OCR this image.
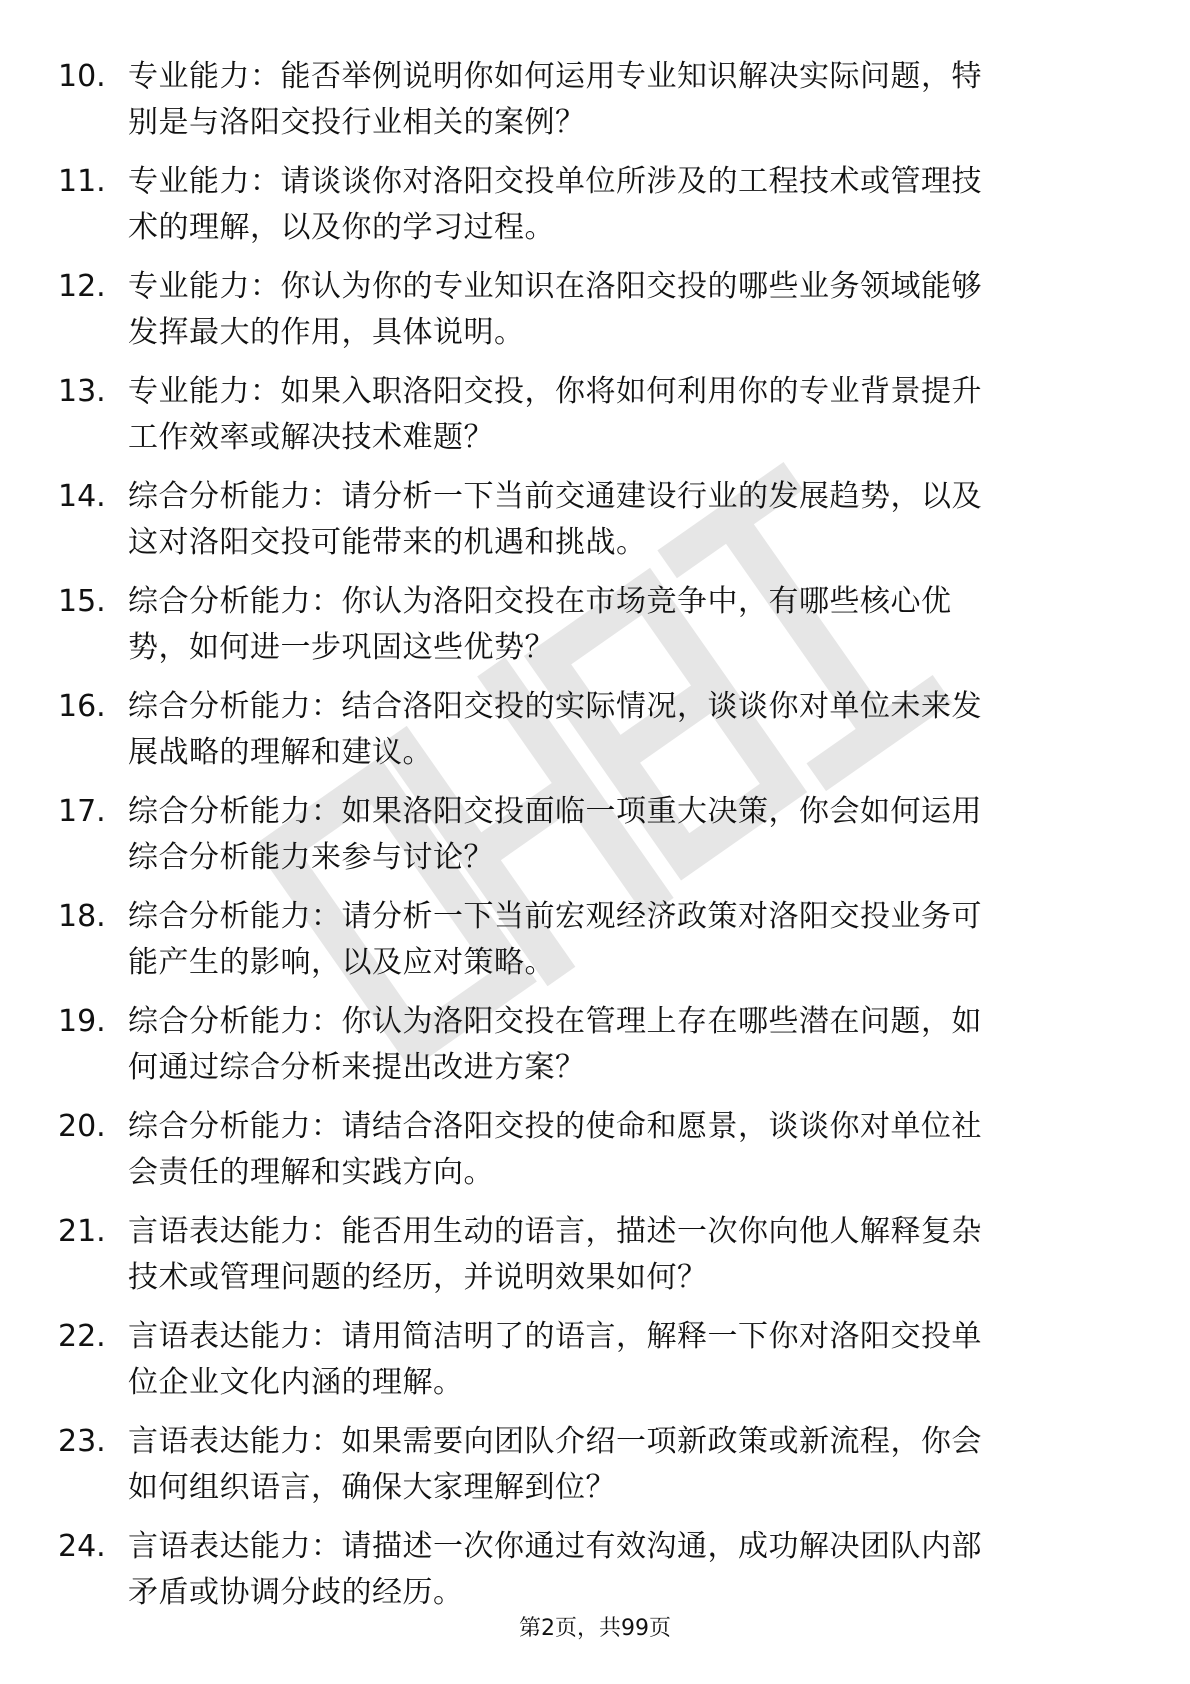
10. 专业能力：能否举例说明你如何运用专业知识解决实际问题，特
别是与洛阳交投行业相关的案例？
11. 专业能力：请谈谈你对洛阳交投单位所涉及的工程技术或管理技
术的理解，以及你的学习过程。
12. 专业能力：你认为你的专业知识在洛阳交投的哪些业务领域能够
发挥最大的作用，具体说明。
13. 专业能力：如果入职洛阳交投，你将如何利用你的专业背景提升
工作效率或解决技术难题？
14. 综合分析能力：请分析一下当前交通建设行业的发展趋势，以及
这对洛阳交投可能带来的机遇和挑战。
15. 综合分析能力：你认为洛阳交投在市场竞争中，有哪些核心优
势，如何进一步巩固这些优势？
16. 综合分析能力：结合洛阳交投的实际情况，谈谈你对单位未来发
展战略的理解和建议。
17. 综合分析能力：如果洛阳交投面临一项重大决策，你会如何运用
综合分析能力来参与讨论？
18. 综合分析能力：请分析一下当前宏观经济政策对洛阳交投业务可
能产生的影响，以及应对策略。
19. 综合分析能力：你认为洛阳交投在管理上存在哪些潜在问题，如
何通过综合分析来提出改进方案？
20. 综合分析能力：请结合洛阳交投的使命和愿景，谈谈你对单位社
会责任的理解和实践方向。
21. 言语表达能力：能否用生动的语言，描述一次你向他人解释复杂
技术或管理问题的经历，并说明效果如何？
22. 言语表达能力：请用简洁明了的语言，解释一下你对洛阳交投单
位企业文化内涵的理解。
23. 言语表达能力：如果需要向团队介绍一项新政策或新流程，你会
如何组织语言，确保大家理解到位？
24. 言语表达能力：请描述一次你通过有效沟通，成功解决团队内部
矛盾或协调分歧的经历。
第2页，共99页
